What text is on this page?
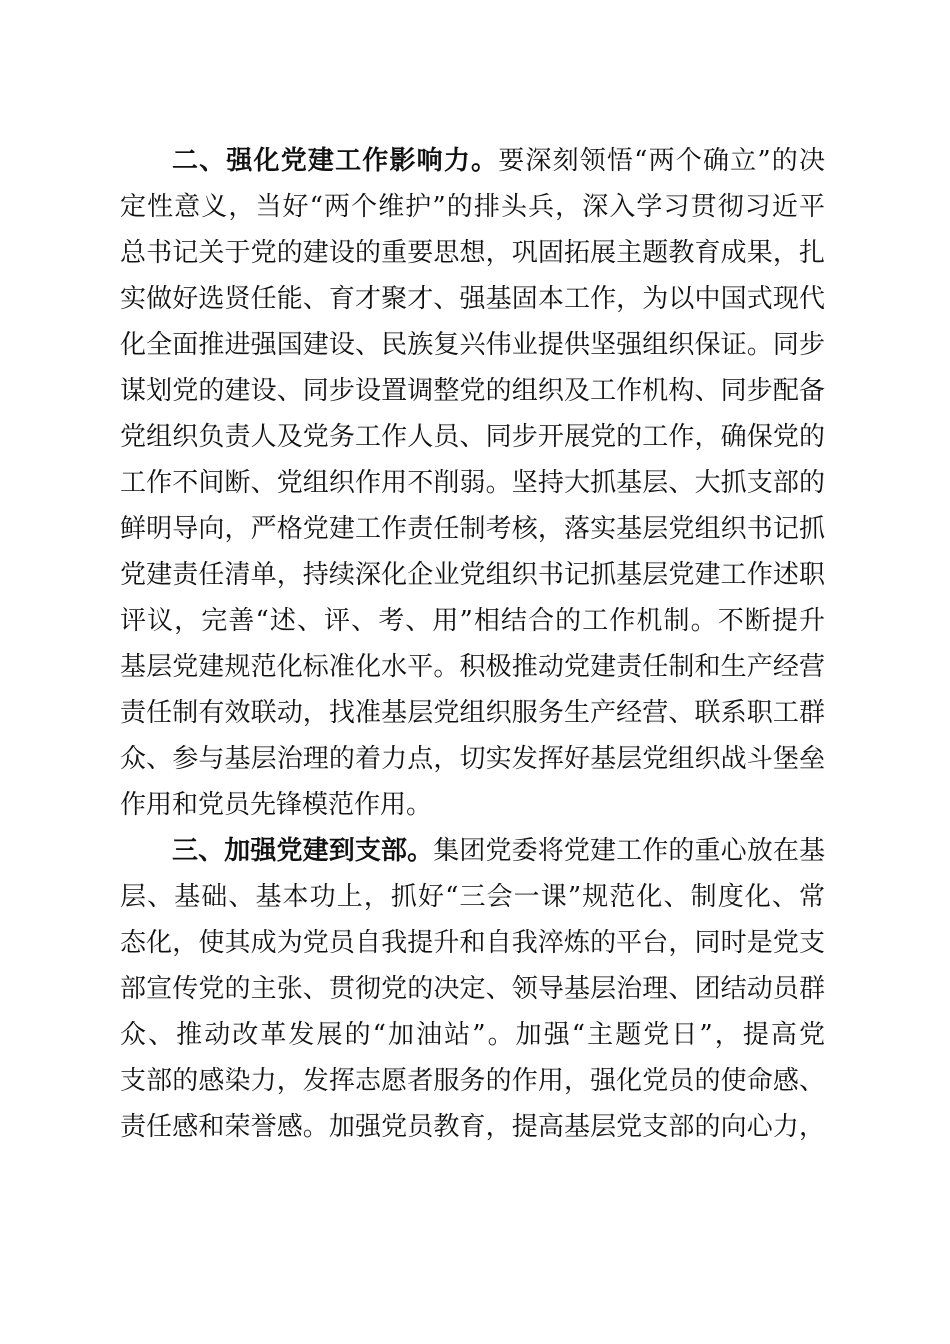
二、强化党建工作影响力。要深刻领悟“两个确立”的决
定性意义，当好“两个维护”的排头兵，深入学习贯彻习近平
总书记关于党的建设的重要思想，巩固拓展主题教育成果，扎
实做好选贤任能、育才聚才、强基固本工作，为以中国式现代
化全面推进强国建设、民族复兴伟业提供坚强组织保证。同步
谋划党的建设、同步设置调整党的组织及工作机构、同步配备
党组织负责人及党务工作人员、同步开展党的工作，确保党的
工作不间断、党组织作用不削弱。坚持大抓基层、大抓支部的
鲜明导向，严格党建工作责任制考核，落实基层党组织书记抓
党建责任清单，持续深化企业党组织书记抓基层党建工作述职
评议，完善“述、评、考、用”相结合的工作机制。不断提升
基层党建规范化标准化水平。积极推动党建责任制和生产经营
责任制有效联动，找准基层党组织服务生产经营、联系职工群
众、参与基层治理的着力点，切实发挥好基层党组织战斗堡垒
作用和党员先锋模范作用。
三、加强党建到支部。集团党委将党建工作的重心放在基
层、基础、基本功上，抓好“三会一课”规范化、制度化、常
态化，使其成为党员自我提升和自我淬炼的平台，同时是党支
部宣传党的主张、贯彻党的决定、领导基层治理、团结动员群
众、推动改革发展的“加油站”。加强“主题党日”，提高党
支部的感染力，发挥志愿者服务的作用，强化党员的使命感、
责任感和荣誉感。加强党员教育，提高基层党支部的向心力，
